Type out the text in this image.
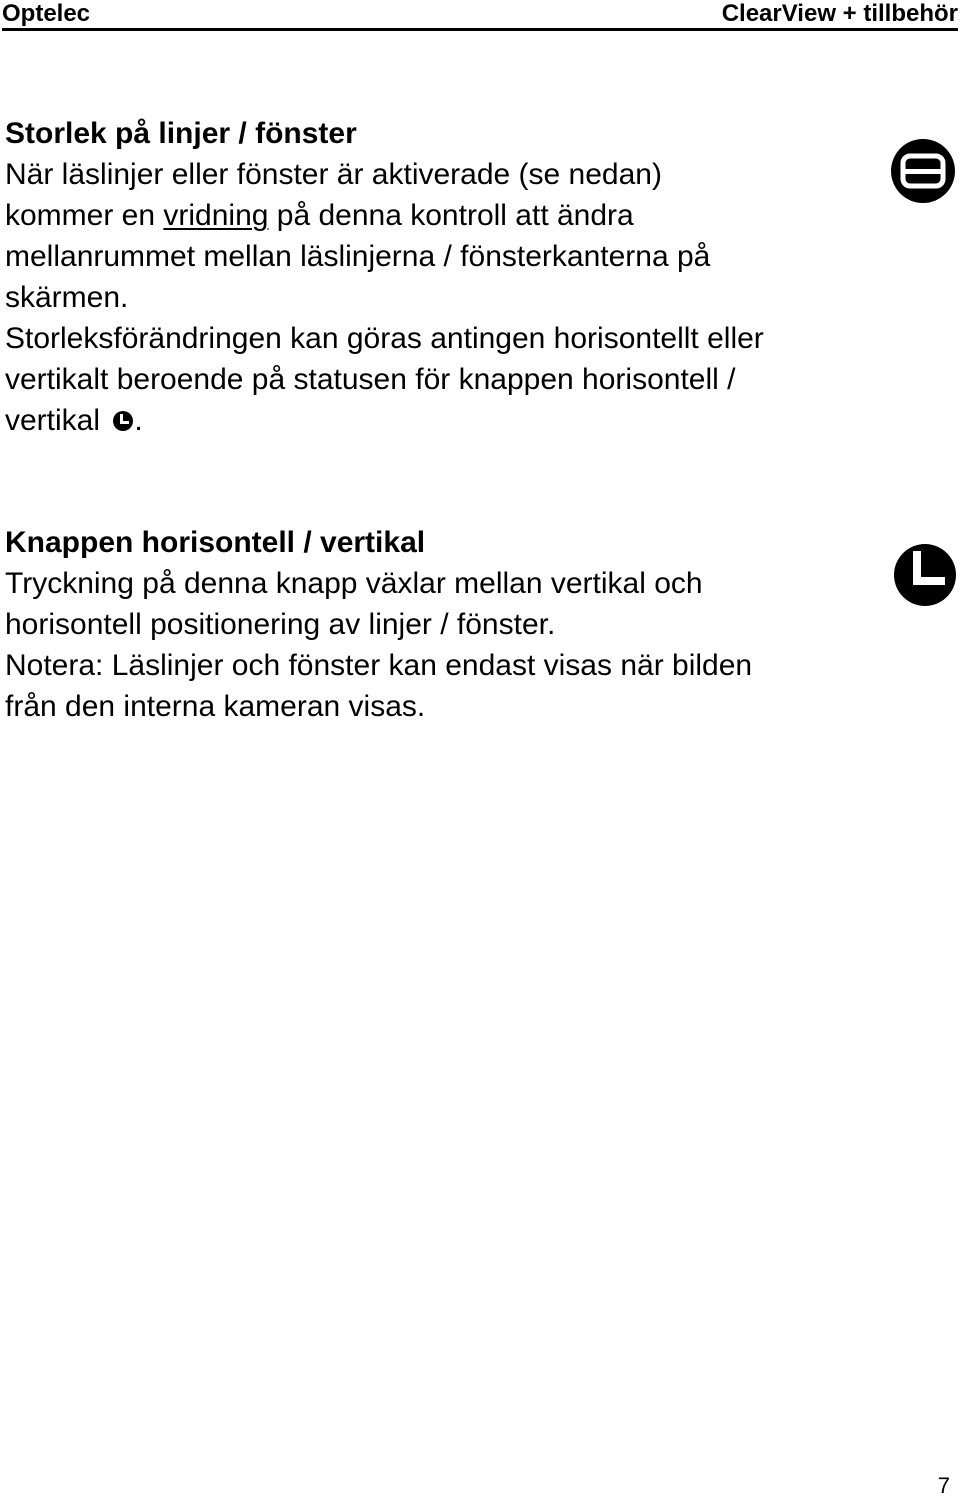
Optelec	ClearView + tillbehör
Storlek på linjer / fönster
När läslinjer eller fönster är aktiverade (se nedan)
kommer en vridning på denna kontroll att ändra
mellanrummet mellan läslinjerna / fönsterkanterna på
skärmen.
Storleksförändringen kan göras antingen horisontellt eller
vertikalt beroende på statusen för knappen horisontell /
vertikal .
Knappen horisontell / vertikal
Tryckning på denna knapp växlar mellan vertikal och
horisontell positionering av linjer / fönster.
Notera: Läslinjer och fönster kan endast visas när bilden
från den interna kameran visas.
7
